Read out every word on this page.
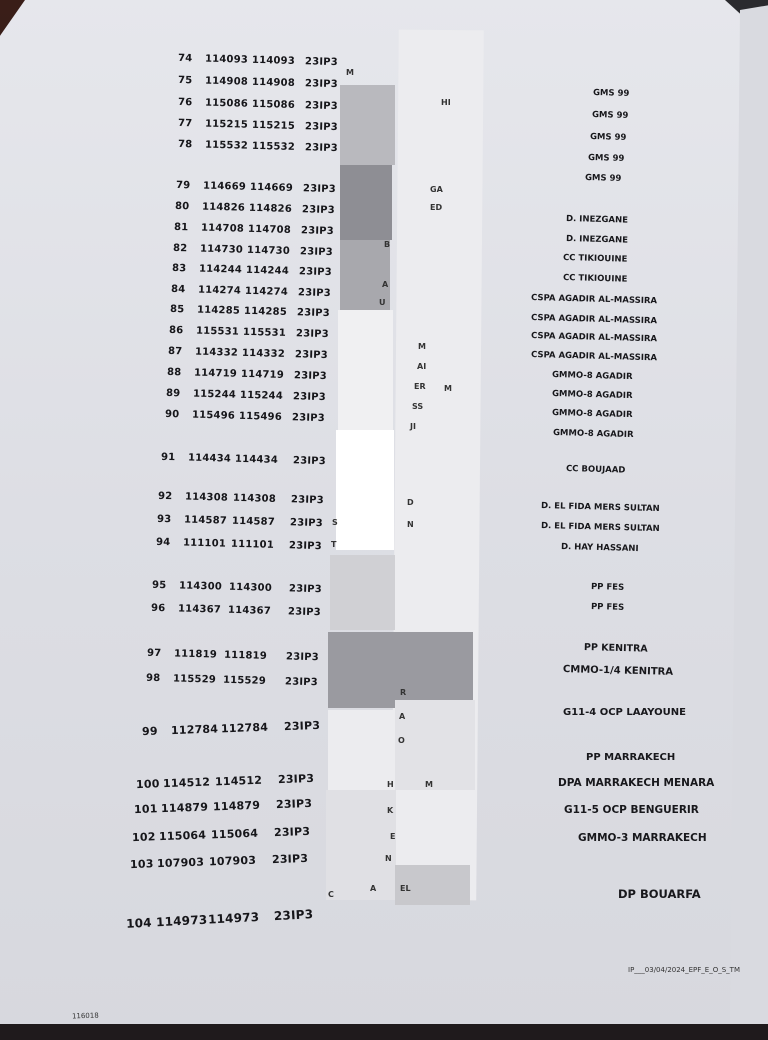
74 114093 114093 23IP3
75 114908 114908 23IP3
76 115086 115086 23IP3
77 115215 115215 23IP3
78 115532 115532 23IP3
79 114669 114669 23IP3
80 114826 114826 23IP3
81 114708 114708 23IP3
82 114730 114730 23IP3
83 114244 114244 23IP3
84 114274 114274 23IP3
85 114285 114285 23IP3
86 115531 115531 23IP3
87 114332 114332 23IP3
88 114719 114719 23IP3
89 115244 115244 23IP3
90 115496 115496 23IP3
91 114434 114434 23IP3
92 114308 114308 23IP3
93 114587 114587 23IP3
94 111101 111101 23IP3
95 114300 114300 23IP3
96 114367 114367 23IP3
97 111819 111819 23IP3
98 115529 115529 23IP3
99 112784 112784 23IP3
100 114512 114512 23IP3
101 114879 114879 23IP3
102 115064 115064 23IP3
103 107903 107903 23IP3
104 114973114973 23IP3
GMS 99
GMS 99
GMS 99
GMS 99
GMS 99
D. INEZGANE
D. INEZGANE
CC TIKIOUINE
CC TIKIOUINE
CSPA AGADIR AL-MASSIRA
CSPA AGADIR AL-MASSIRA
CSPA AGADIR AL-MASSIRA
CSPA AGADIR AL-MASSIRA
GMMO-8 AGADIR
GMMO-8 AGADIR
GMMO-8 AGADIR
GMMO-8 AGADIR
CC BOUJAAD
D. EL FIDA MERS SULTAN
D. EL FIDA MERS SULTAN
D. HAY HASSANI
PP FES
PP FES
PP KENITRA
CMMO-1/4 KENITRA
G11-4 OCP LAAYOUNE
PP MARRAKECH
DPA MARRAKECH MENARA
G11-5 OCP BENGUERIR
GMMO-3 MARRAKECH
DP BOUARFA
M
HI
GA
ED
B
A
U
M
AI
ER M
SS
JI
S
T
D
N
R
A
O
H	M
K
E
C
A	EL
N
IP___03/04/2024_EPF_E_O_S_TM
116018
